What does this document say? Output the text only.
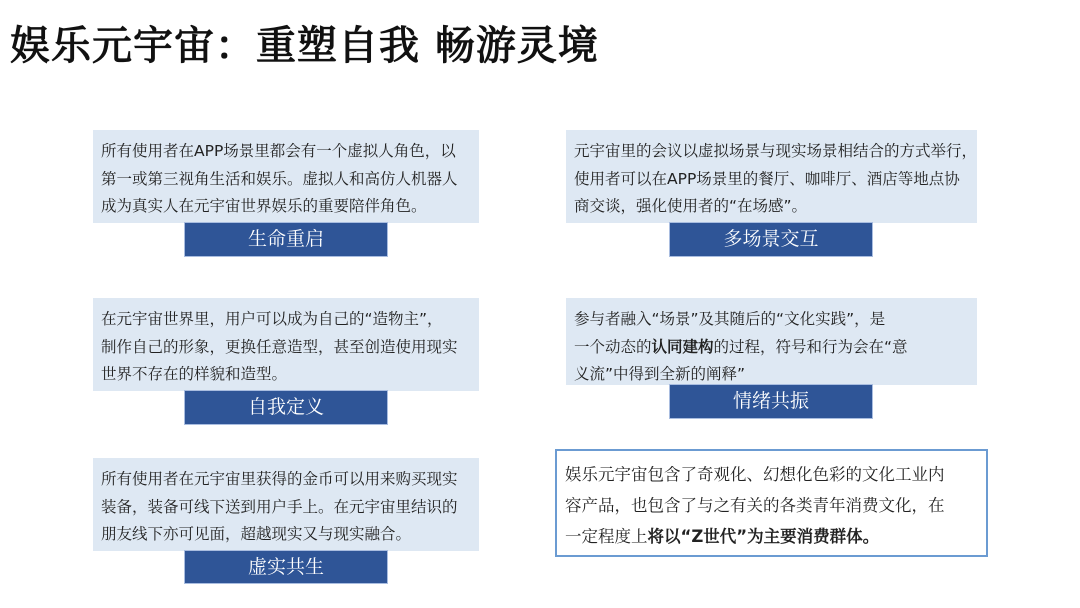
娱乐元宇宙：重塑自我 畅游灵境
所有使用者在APP场景里都会有一个虚拟人角色，以
第一或第三视角生活和娱乐。虚拟人和高仿人机器人
成为真实人在元宇宙世界娱乐的重要陪伴角色。
生命重启
元宇宙里的会议以虚拟场景与现实场景相结合的方式举行，
使用者可以在APP场景里的餐厅、咖啡厅、酒店等地点协
商交谈，强化使用者的“在场感”。
多场景交互
在元宇宙世界里，用户可以成为自己的“造物主”，
制作自己的形象，更换任意造型，甚至创造使用现实
世界不存在的样貌和造型。
自我定义
参与者融入“场景”及其随后的“文化实践”，是
一个动态的认同建构的过程，符号和行为会在“意
义流”中得到全新的阐释”
情绪共振
所有使用者在元宇宙里获得的金币可以用来购买现实
装备，装备可线下送到用户手上。在元宇宙里结识的
朋友线下亦可见面，超越现实又与现实融合。
虚实共生
娱乐元宇宙包含了奇观化、幻想化色彩的文化工业内
容产品，也包含了与之有关的各类青年消费文化，在
一定程度上将以“Z世代”为主要消费群体。
